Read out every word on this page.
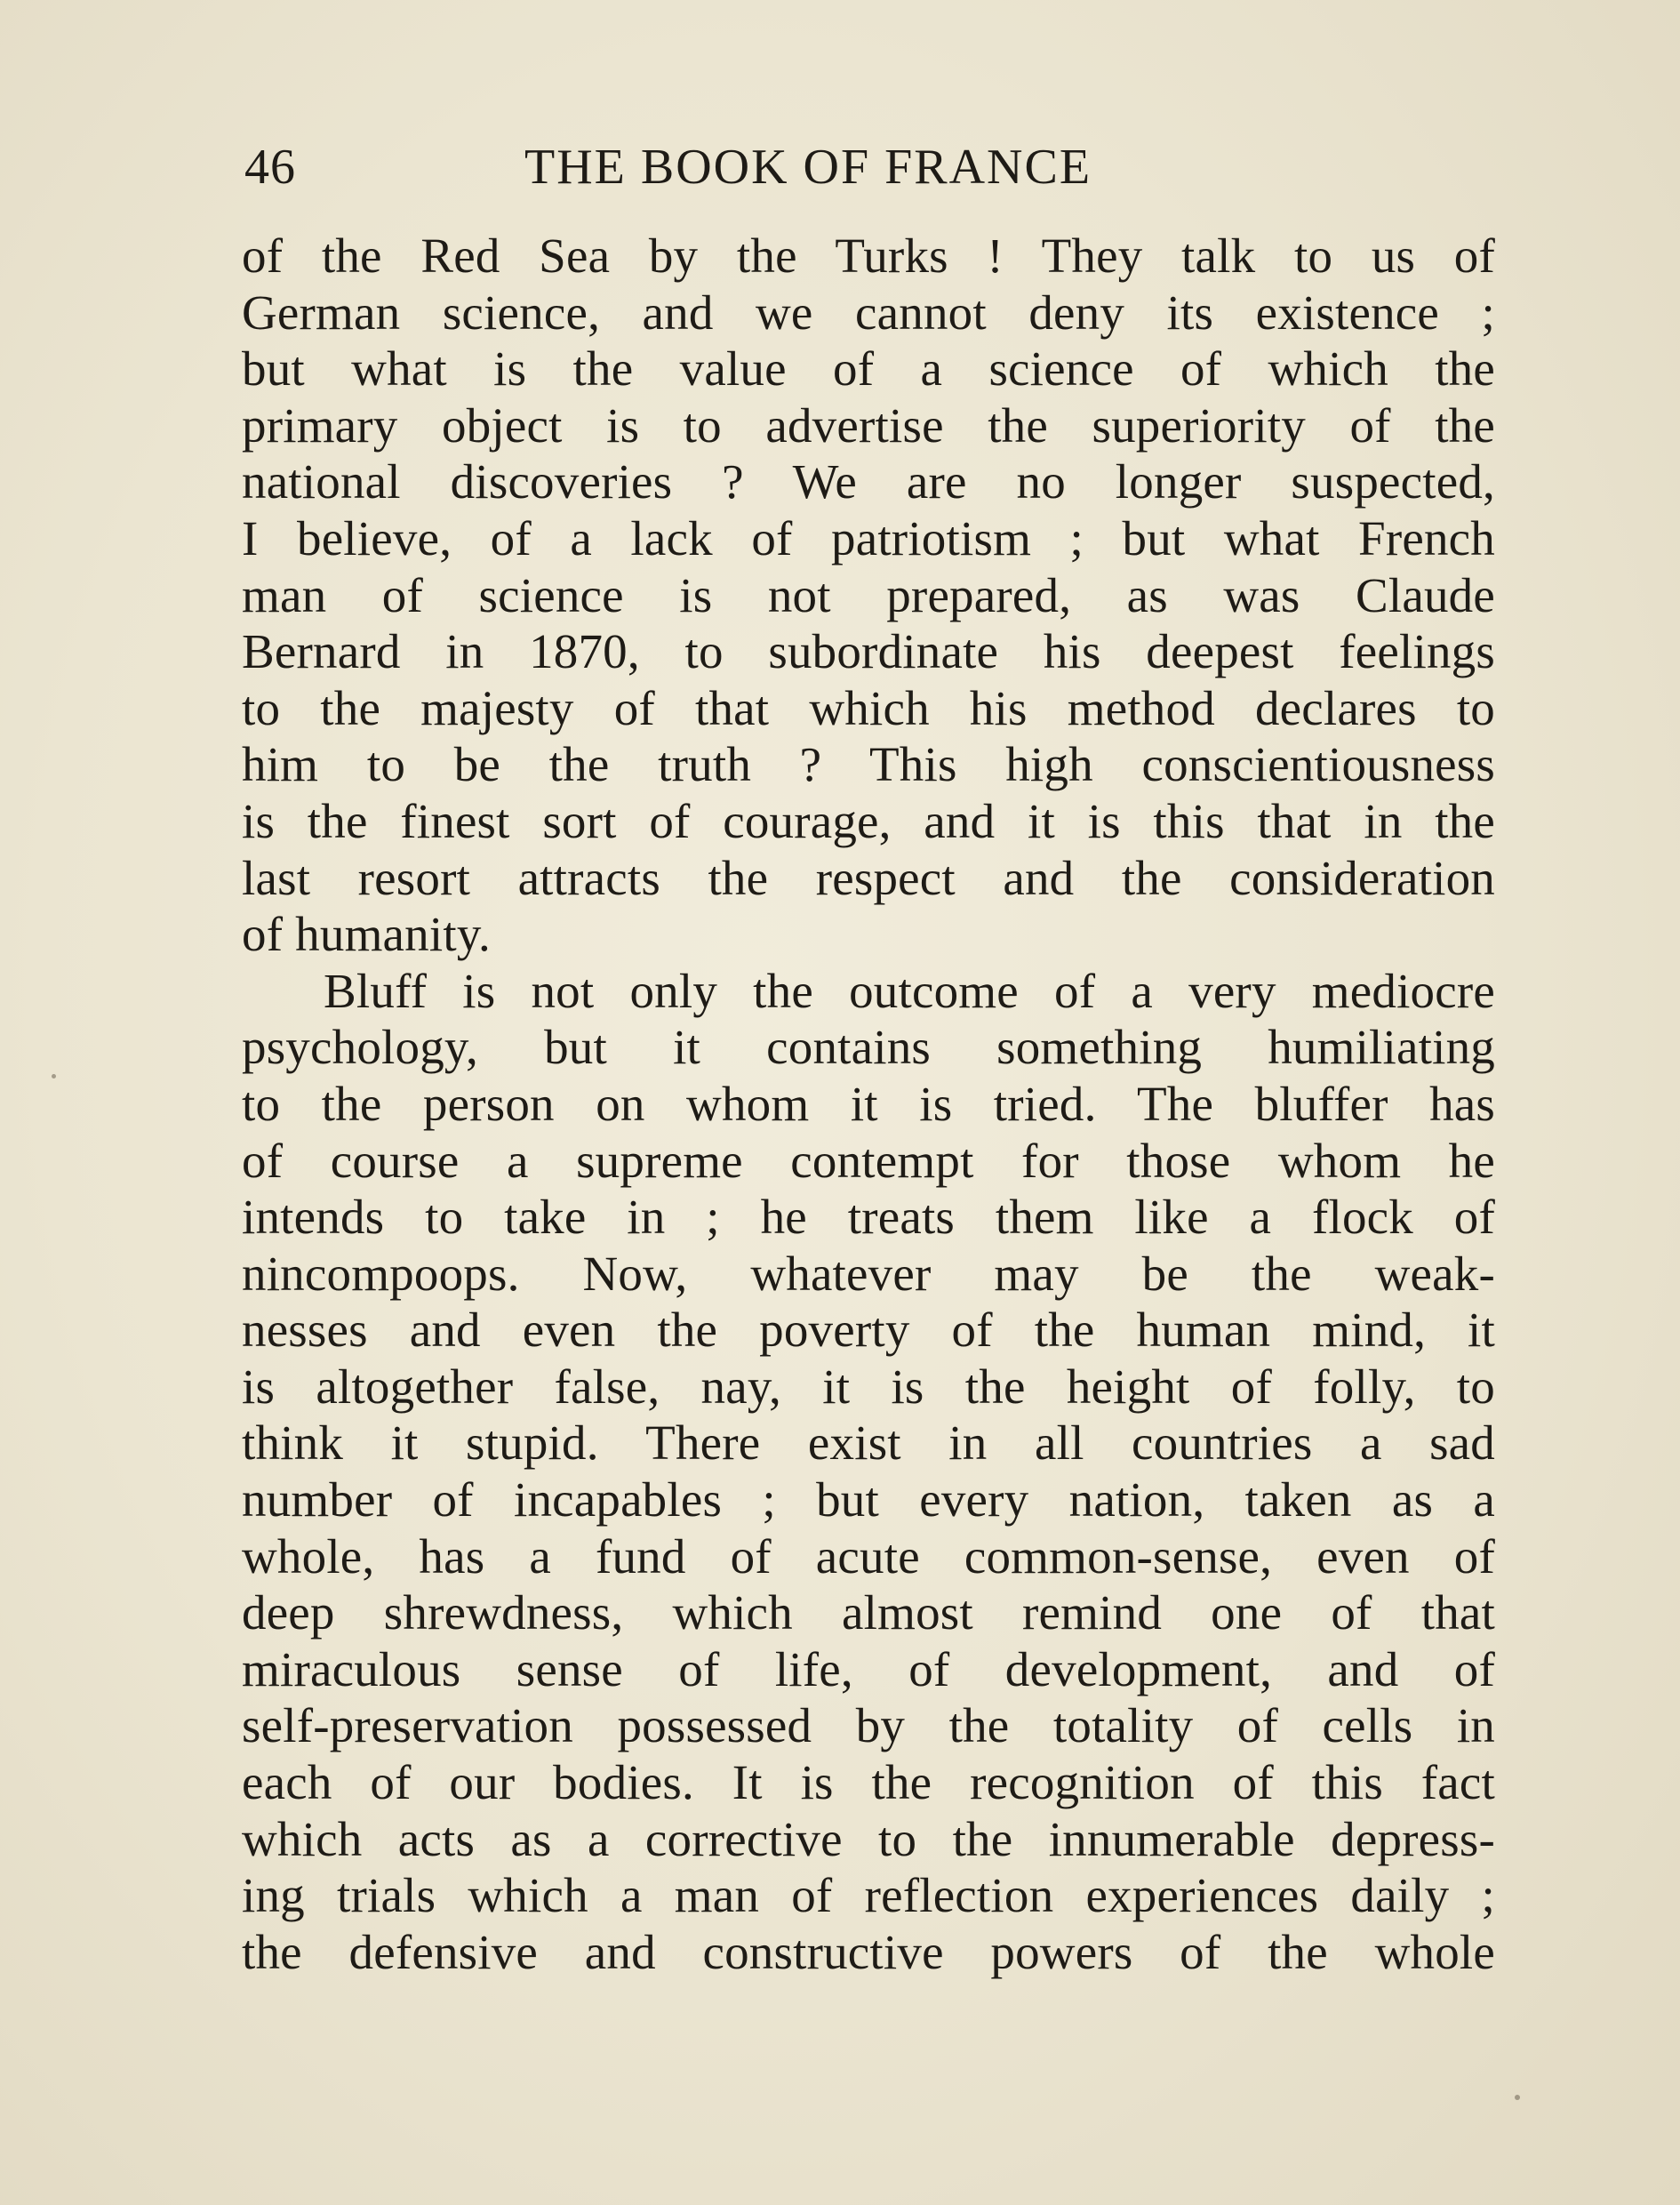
46	THE BOOK OF FRANCE
of the Red Sea by the Turks ! They talk to us of
German science, and we cannot deny its existence ;
but what is the value of a science of which the
primary object is to advertise the superiority of the
national discoveries ? We are no longer suspected,
I believe, of a lack of patriotism ; but what French
man of science is not prepared, as was Claude
Bernard in 1870, to subordinate his deepest feelings
to the majesty of that which his method declares to
him to be the truth ? This high conscientiousness
is the finest sort of courage, and it is this that in the
last resort attracts the respect and the consideration
of humanity.
Bluff is not only the outcome of a very mediocre
psychology, but it contains something humiliating
to the person on whom it is tried. The bluffer has
of course a supreme contempt for those whom he
intends to take in ; he treats them like a flock of
nincompoops. Now, whatever may be the weak-
nesses and even the poverty of the human mind, it
is altogether false, nay, it is the height of folly, to
think it stupid. There exist in all countries a sad
number of incapables ; but every nation, taken as a
whole, has a fund of acute common-sense, even of
deep shrewdness, which almost remind one of that
miraculous sense of life, of development, and of
self-preservation possessed by the totality of cells in
each of our bodies. It is the recognition of this fact
which acts as a corrective to the innumerable depress-
ing trials which a man of reflection experiences daily ;
the defensive and constructive powers of the whole
